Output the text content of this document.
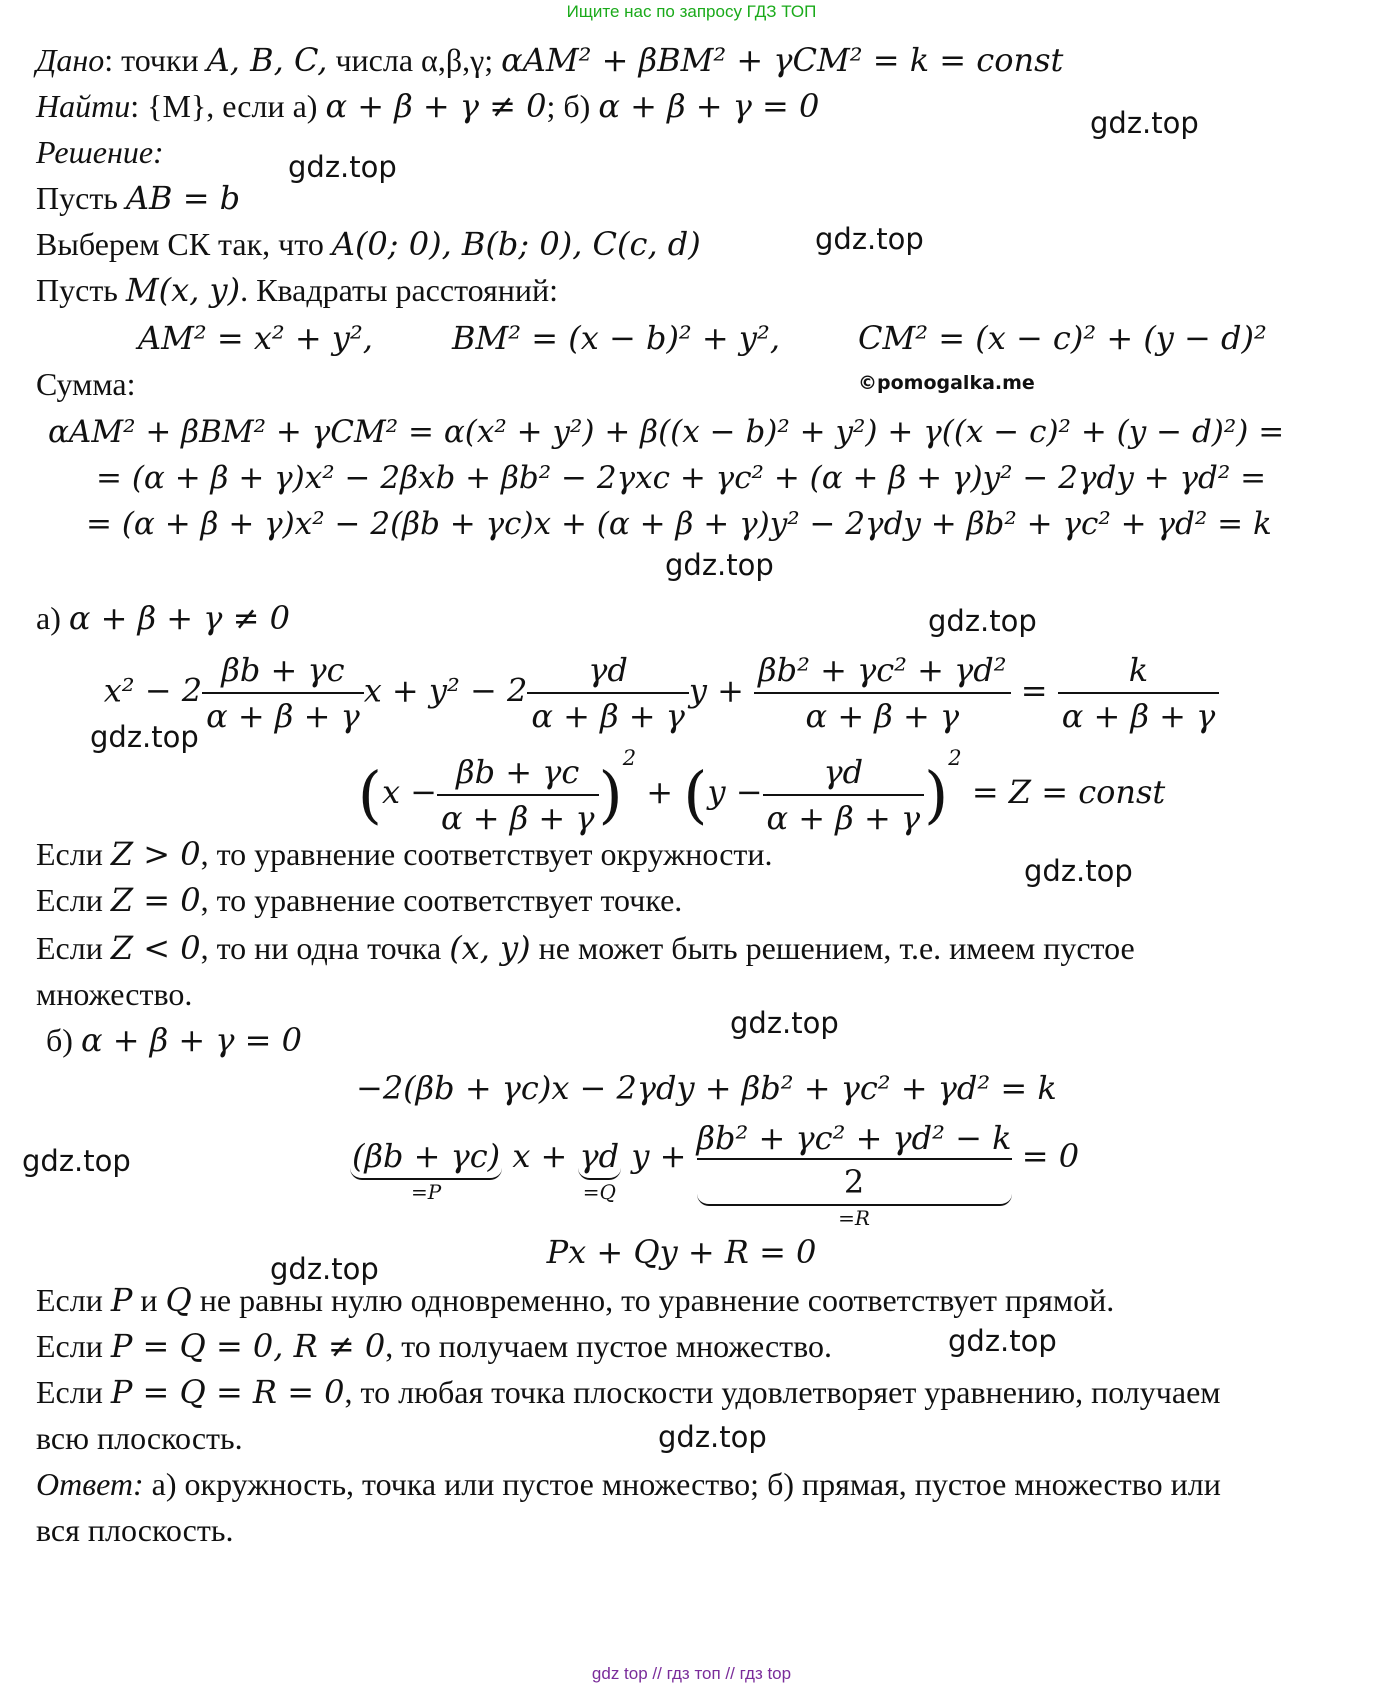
Ищите нас по запросу ГДЗ ТОП
Дано: точки A, B, C, числа α,β,γ; αAM² + βBM² + γCM² = k = const
Найти: {M}, если а) α + β + γ ≠ 0; б) α + β + γ = 0
Решение:
Пусть AB = b
Выберем СК так, что A(0; 0), B(b; 0), C(c, d)
Пусть M(x, y). Квадраты расстояний:
AM² = x² + y², BM² = (x − b)² + y², CM² = (x − c)² + (y − d)²
Сумма:
αAM² + βBM² + γCM² = α(x² + y²) + β((x − b)² + y²) + γ((x − c)² + (y − d)²) =
= (α + β + γ)x² − 2βxb + βb² − 2γxc + γc² + (α + β + γ)y² − 2γdy + γd² =
= (α + β + γ)x² − 2(βb + γc)x + (α + β + γ)y² − 2γdy + βb² + γc² + γd² = k
а) α + β + γ ≠ 0
$x^2 - 2 \frac{\beta b + \gamma c}{\alpha + \beta + \gamma}$ $x + y^2 - 2 \frac{\gamma d}{\alpha + \beta + \gamma}$ $y + \frac{\text{βb² + γc² + γd²}}{\alpha + \beta + \gamma} = \frac{k}{\alpha + \beta + \gamma}$
$(x - \frac{\beta b + \gamma c}{\alpha + \beta + \gamma} )^2 + (y - \frac{\gamma d}{\alpha + \beta + \gamma} )^2 = Z$ = const
Если Z > 0, то уравнение соответствует окружности.
Если Z = 0, то уравнение соответствует точке.
Если Z < 0, то ни одна точка (x, y) не может быть решением, т.е. имеем пустое
множество.
б) α + β + γ = 0
−2(βb + γc)x − 2γdy + βb² + γc² + γd² = k
(βb + γc)
=P
x + γd
=Q
y + βb² + γc² + γd² − k
2
=R
= 0
Px + Qy + R = 0
Если P и Q не равны нулю одновременно, то уравнение соответствует прямой.
Если P = Q = 0, R ≠ 0, то получаем пустое множество.
Если P = Q = R = 0, то любая точка плоскости удовлетворяет уравнению, получаем
всю плоскость.
Ответ: а) окружность, точка или пустое множество; б) прямая, пустое множество или
вся плоскость.
gdz.top
gdz.top
gdz.top
gdz.top
gdz.top
gdz.top
gdz.top
gdz.top
gdz.top
gdz.top
gdz.top
gdz.top
©pomogalka.me
gdz top // гдз топ // гдз top
